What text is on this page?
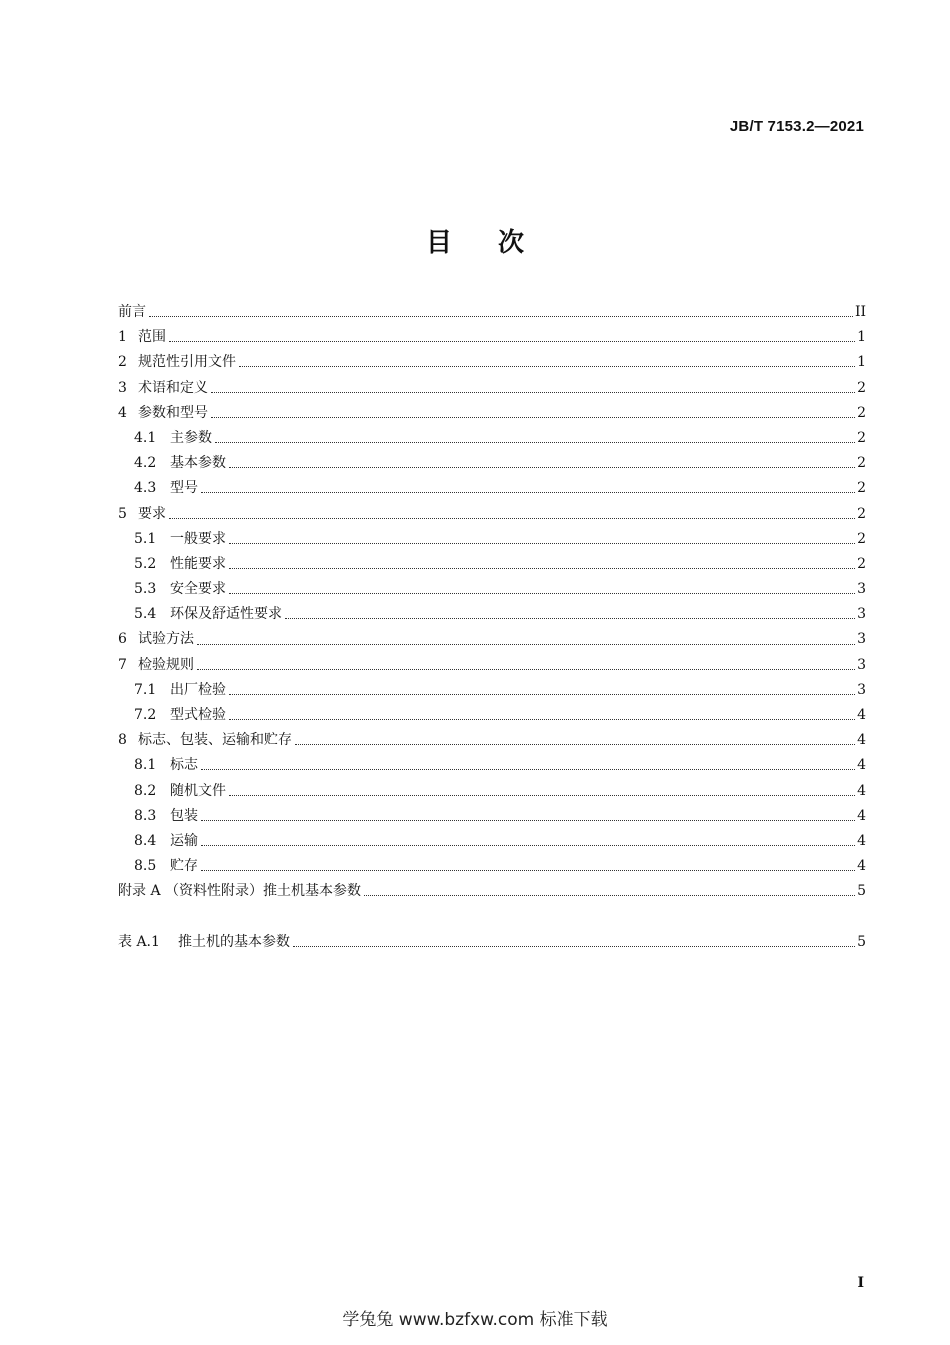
JB/T 7153.2—2021
目 次
前言	II
1 范围	1
2 规范性引用文件	1
3 术语和定义	2
4 参数和型号	2
4.1 主参数	2
4.2 基本参数	2
4.3 型号	2
5 要求	2
5.1 一般要求	2
5.2 性能要求	2
5.3 安全要求	3
5.4 环保及舒适性要求	3
6 试验方法	3
7 检验规则	3
7.1 出厂检验	3
7.2 型式检验	4
8 标志、包装、运输和贮存	4
8.1 标志	4
8.2 随机文件	4
8.3 包装	4
8.4 运输	4
8.5 贮存	4
附录 A （资料性附录）推土机基本参数	5
表 A.1	推土机的基本参数	5
I
学兔兔 www.bzfxw.com 标准下载
